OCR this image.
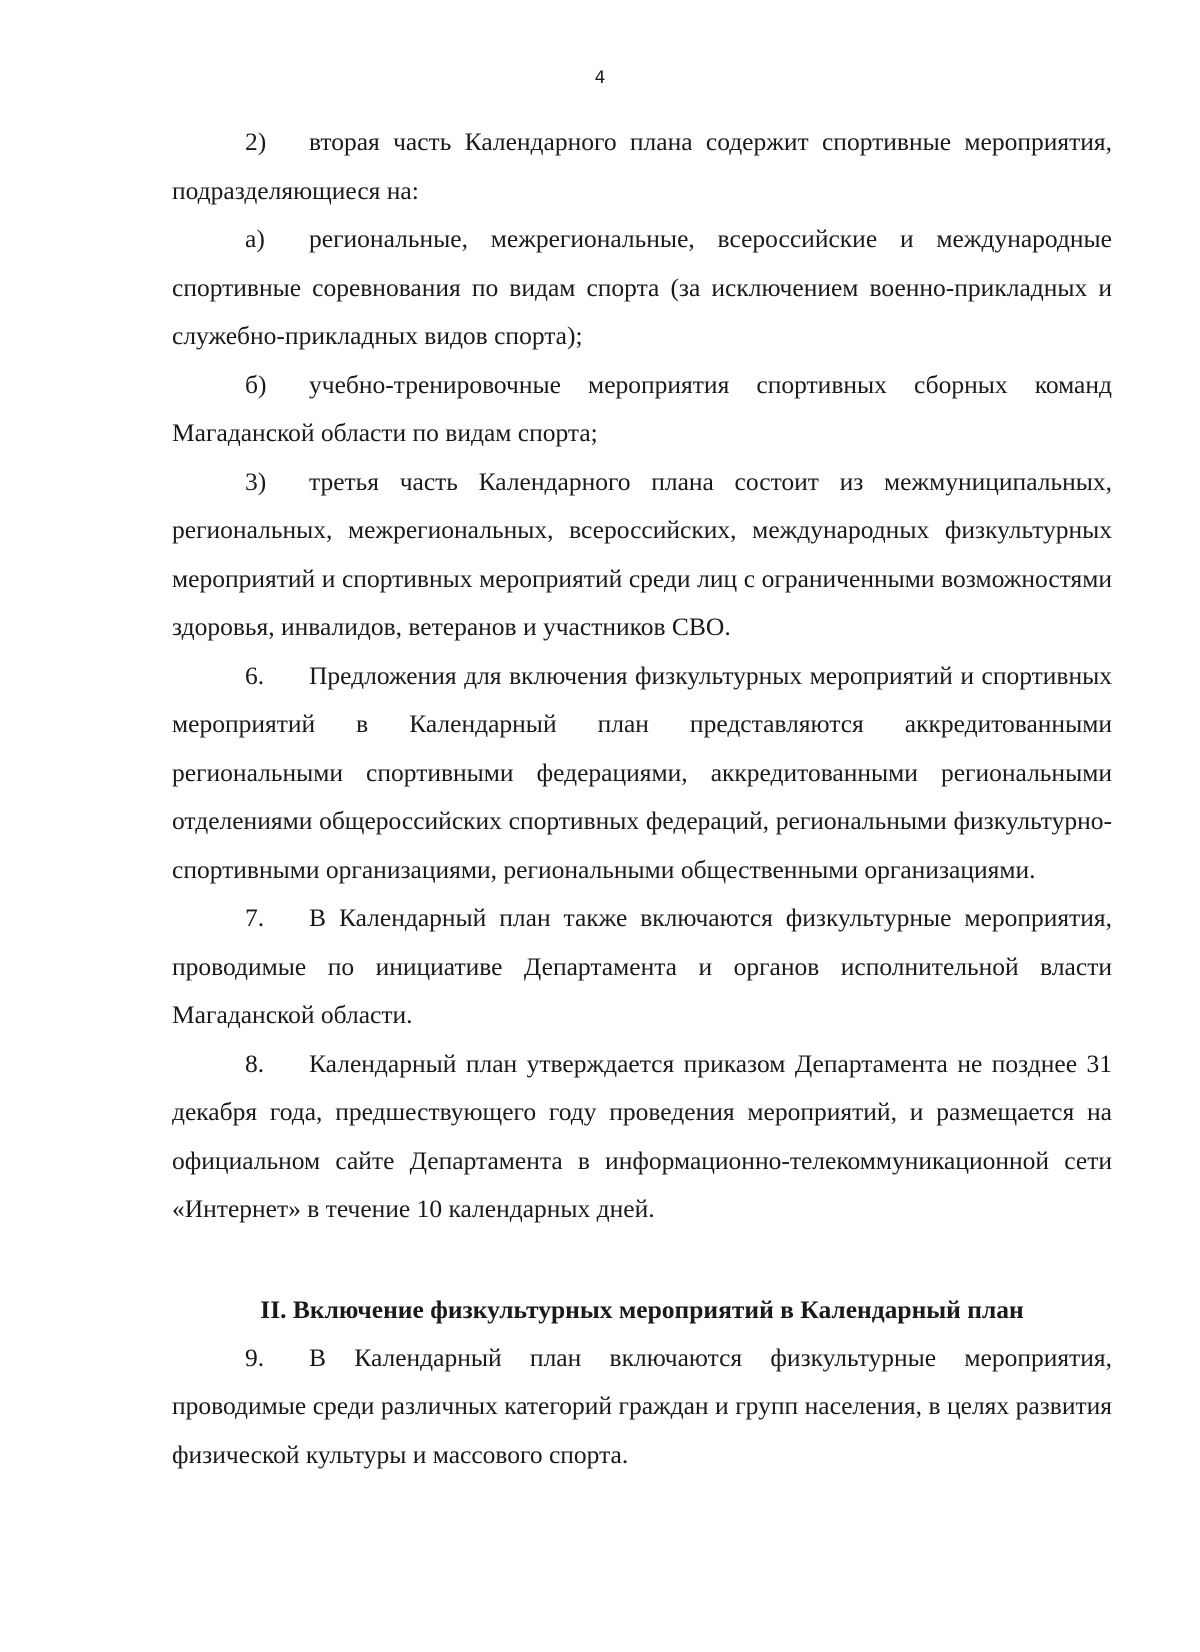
4

2) вторая часть Календарного плана содержит спортивные мероприятия, подразделяющиеся на:

а) региональные, межрегиональные, всероссийские и международные спортивные соревнования по видам спорта (за исключением военно-прикладных и служебно-прикладных видов спорта);

б) учебно-тренировочные мероприятия спортивных сборных команд Магаданской области по видам спорта;

3) третья часть Календарного плана состоит из межмуниципальных, региональных, межрегиональных, всероссийских, международных физкультурных мероприятий и спортивных мероприятий среди лиц с ограниченными возможностями здоровья, инвалидов, ветеранов и участников СВО.

6. Предложения для включения физкультурных мероприятий и спортивных мероприятий в Календарный план представляются аккредитованными региональными спортивными федерациями, аккредитованными региональными отделениями общероссийских спортивных федераций, региональными физкультурно-спортивными организациями, региональными общественными организациями.

7. В Календарный план также включаются физкультурные мероприятия, проводимые по инициативе Департамента и органов исполнительной власти Магаданской области.

8. Календарный план утверждается приказом Департамента не позднее 31 декабря года, предшествующего году проведения мероприятий, и размещается на официальном сайте Департамента в информационно-телекоммуникационной сети «Интернет» в течение 10 календарных дней.

II. Включение физкультурных мероприятий в Календарный план

9. В Календарный план включаются физкультурные мероприятия, проводимые среди различных категорий граждан и групп населения, в целях развития физической культуры и массового спорта.
